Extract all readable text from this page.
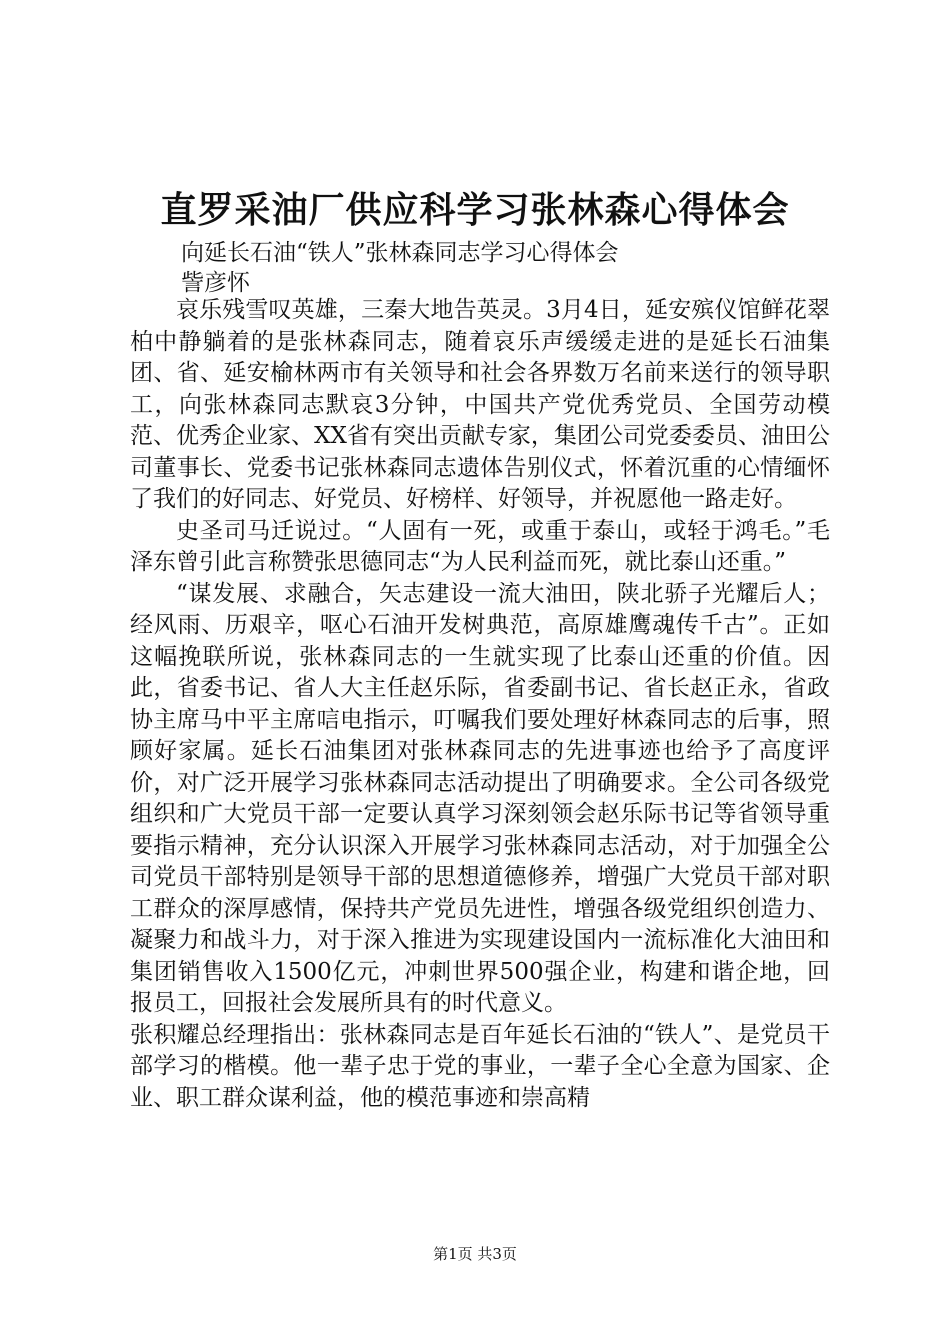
直罗采油厂供应科学习张林森心得体会
向延长石油“铁人”张林森同志学习心得体会
訾彦怀

哀乐残雪叹英雄，三秦大地告英灵。3月4日，延安殡仪馆鲜花翠柏中静躺着的是张林森同志，随着哀乐声缓缓走进的是延长石油集团、省、延安榆林两市有关领导和社会各界数万名前来送行的领导职工，向张林森同志默哀3分钟，中国共产党优秀党员、全国劳动模范、优秀企业家、XX省有突出贡献专家，集团公司党委委员、油田公司董事长、党委书记张林森同志遗体告别仪式，怀着沉重的心情缅怀了我们的好同志、好党员、好榜样、好领导，并祝愿他一路走好。

史圣司马迁说过。“人固有一死，或重于泰山，或轻于鸿毛。”毛泽东曾引此言称赞张思德同志“为人民利益而死，就比泰山还重。”

“谋发展、求融合，矢志建设一流大油田，陕北骄子光耀后人；经风雨、历艰辛，呕心石油开发树典范，高原雄鹰魂传千古”。正如这幅挽联所说，张林森同志的一生就实现了比泰山还重的价值。因此，省委书记、省人大主任赵乐际，省委副书记、省长赵正永，省政协主席马中平主席唁电指示，叮嘱我们要处理好林森同志的后事，照顾好家属。延长石油集团对张林森同志的先进事迹也给予了高度评价，对广泛开展学习张林森同志活动提出了明确要求。全公司各级党组织和广大党员干部一定要认真学习深刻领会赵乐际书记等省领导重要指示精神，充分认识深入开展学习张林森同志活动，对于加强全公司党员干部特别是领导干部的思想道德修养，增强广大党员干部对职工群众的深厚感情，保持共产党员先进性，增强各级党组织创造力、凝聚力和战斗力，对于深入推进为实现建设国内一流标准化大油田和集团销售收入1500亿元，冲刺世界500强企业，构建和谐企地，回报员工，回报社会发展所具有的时代意义。

张积耀总经理指出：张林森同志是百年延长石油的“铁人”、是党员干部学习的楷模。他一辈子忠于党的事业，一辈子全心全意为国家、企业、职工群众谋利益，他的模范事迹和崇高精

第1页 共3页
